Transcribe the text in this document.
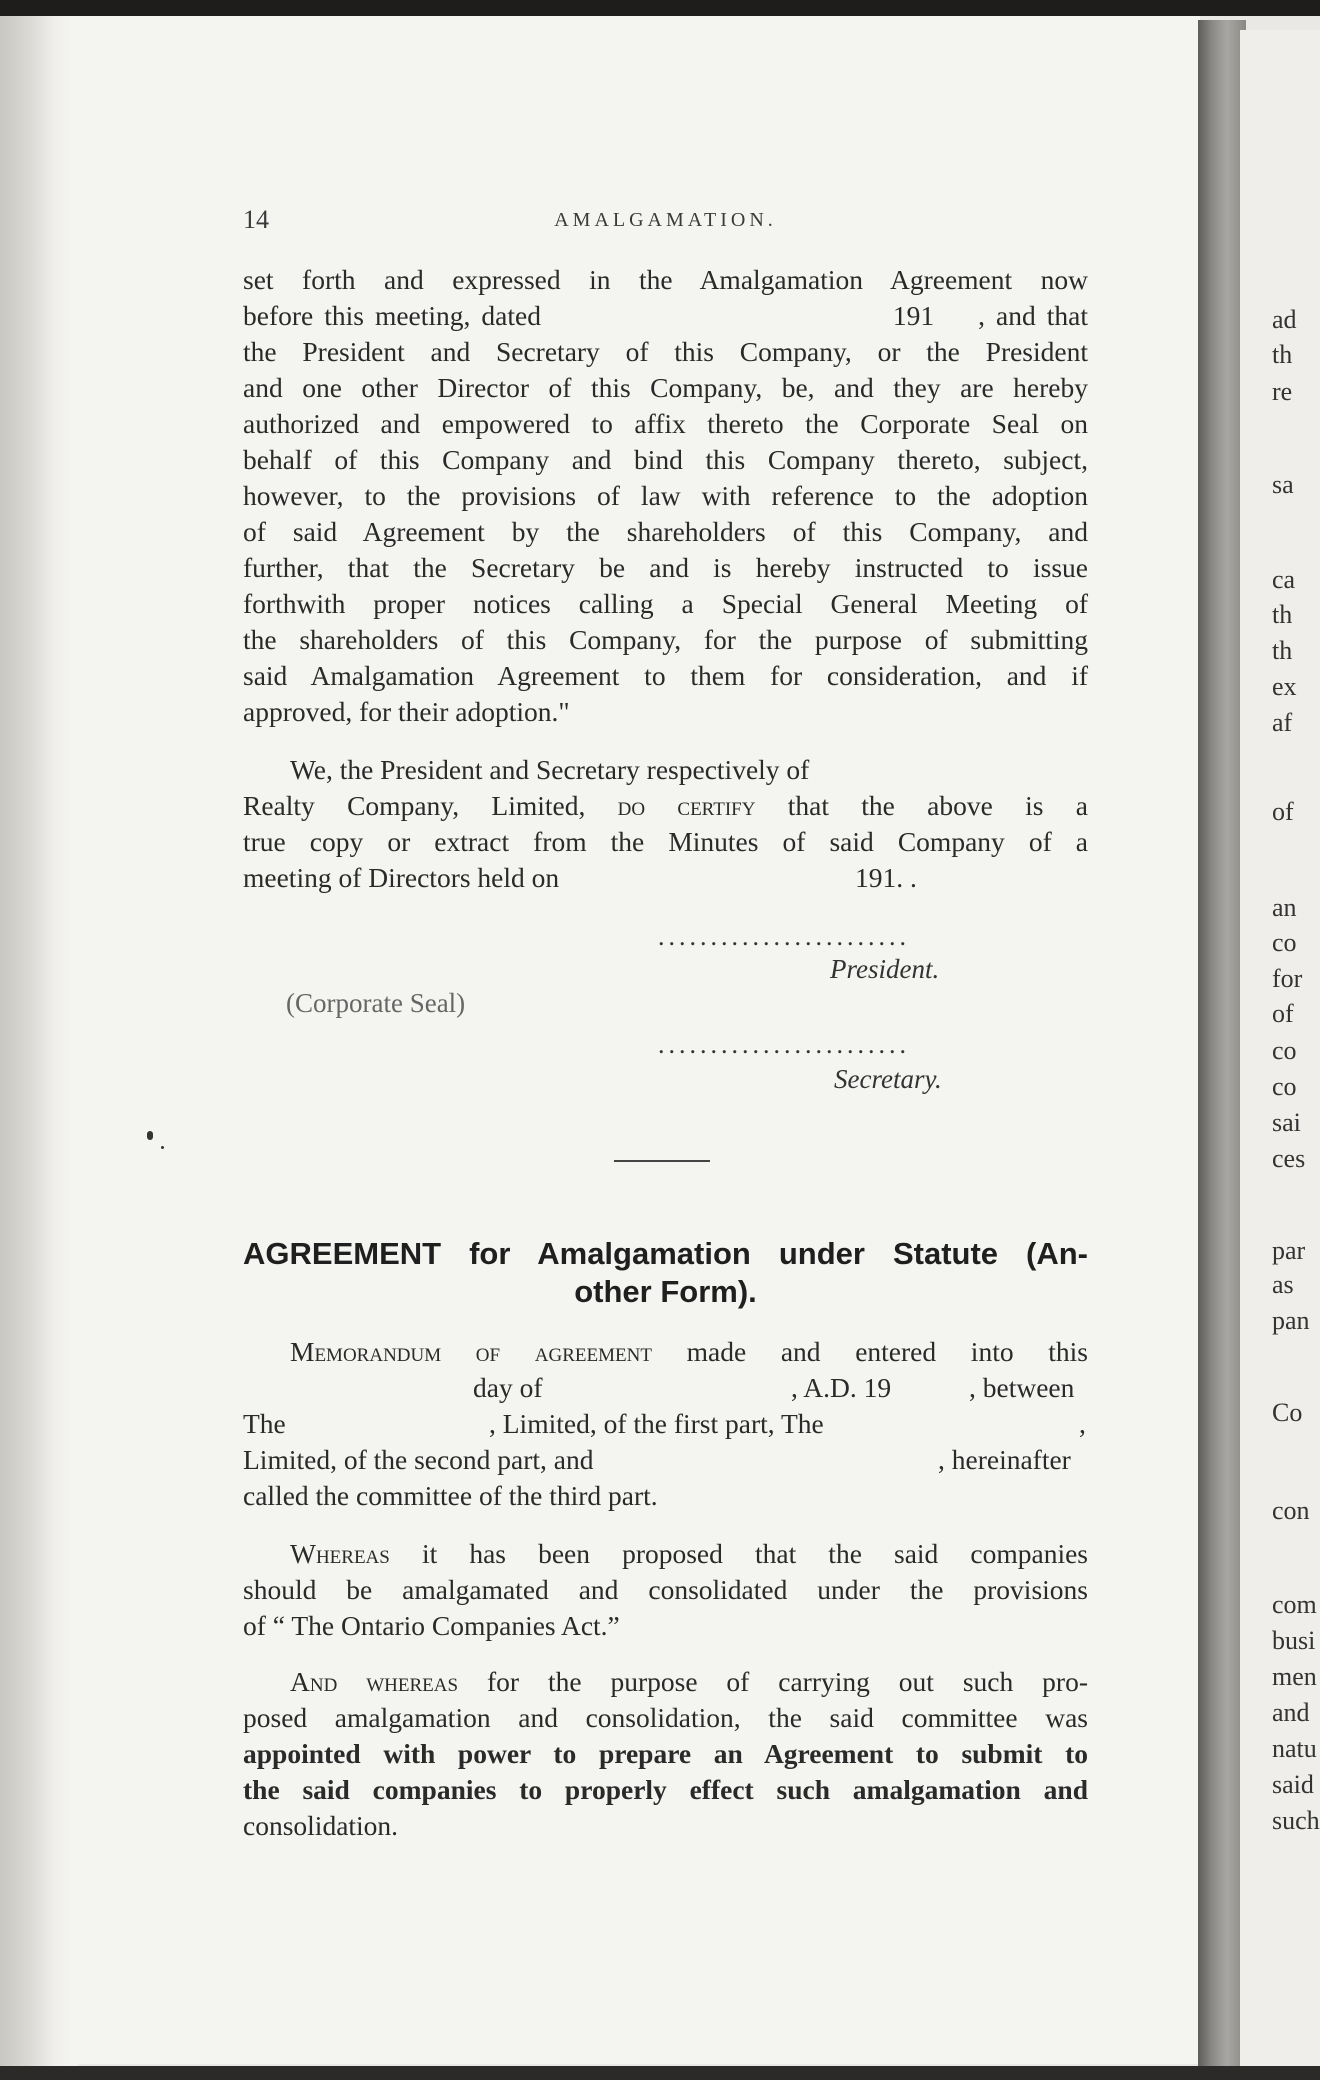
14	AMALGAMATION.
set forth and expressed in the Amalgamation Agreement now
before this meeting, dated                                191    , and that
the President and Secretary of this Company, or the President
and one other Director of this Company, be, and they are hereby
authorized and empowered to affix thereto the Corporate Seal on
behalf of this Company and bind this Company thereto, subject,
however, to the provisions of law with reference to the adoption
of said Agreement by the shareholders of this Company, and
further, that the Secretary be and is hereby instructed to issue
forthwith proper notices calling a Special General Meeting of
the shareholders of this Company, for the purpose of submitting
said Amalgamation Agreement to them for consideration, and if
approved, for their adoption."
We, the President and Secretary respectively of
Realty Company, Limited, do certify that the above is a
true copy or extract from the Minutes of said Company of a
meeting of Directors held on	191. .
........................
President.
(Corporate Seal)
........................
Secretary.
AGREEMENT for Amalgamation under Statute (An-
other Form).
Memorandum of agreement made and entered into this
day of	, A.D. 19	, between
The	, Limited, of the first part, The	,
Limited, of the second part, and	, hereinafter
called the committee of the third part.
Whereas it has been proposed that the said companies
should be amalgamated and consolidated under the provisions
of “ The Ontario Companies Act.”
And whereas for the purpose of carrying out such pro-
posed amalgamation and consolidation, the said committee was
appointed with power to prepare an Agreement to submit to
the said companies to properly effect such amalgamation and
consolidation.
ad
th
re
sa
ca
th
th
ex
af
of
an
co
for
of
co
co
sai
ces
par
as
pan
Co
con
com
busi
men
and
natu
said
such
